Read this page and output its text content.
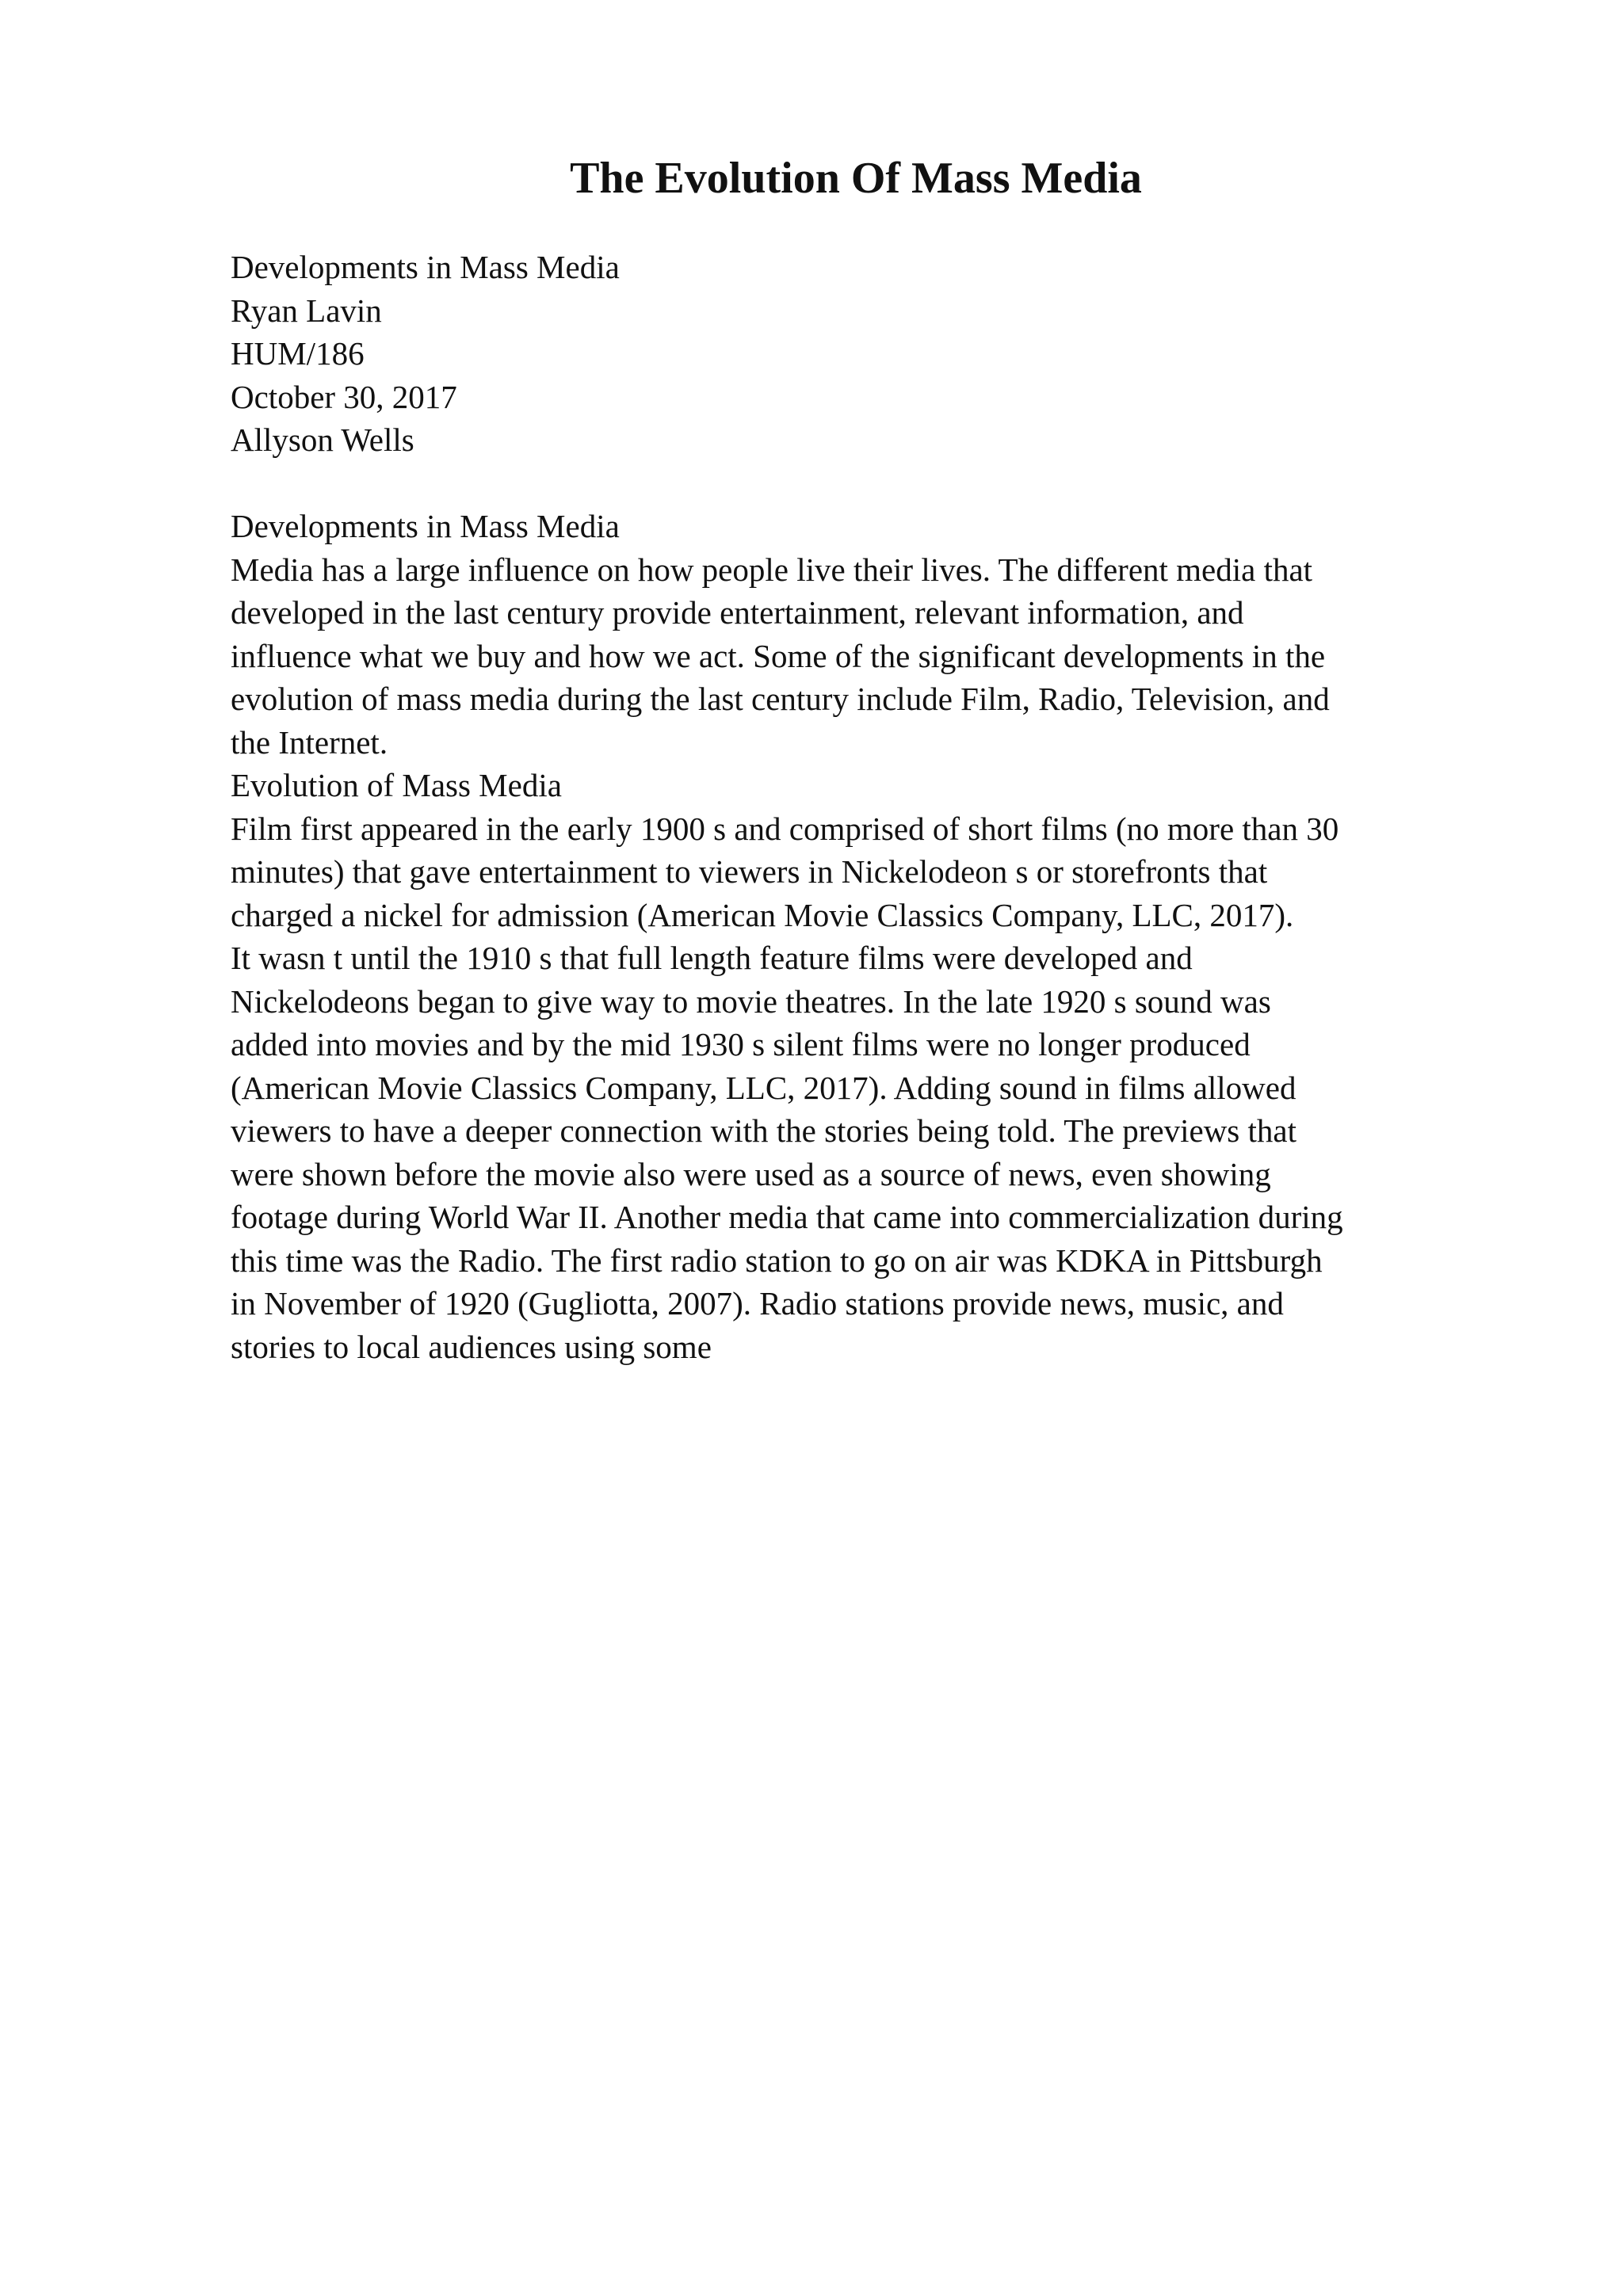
The Evolution Of Mass Media
Developments in Mass Media
Ryan Lavin
HUM/186
October 30, 2017
Allyson Wells
Developments in Mass Media
Media has a large influence on how people live their lives. The different media that
developed in the last century provide entertainment, relevant information, and
influence what we buy and how we act. Some of the significant developments in the
evolution of mass media during the last century include Film, Radio, Television, and
the Internet.
Evolution of Mass Media
Film first appeared in the early 1900 s and comprised of short films (no more than 30
minutes) that gave entertainment to viewers in Nickelodeon s or storefronts that
charged a nickel for admission (American Movie Classics Company, LLC, 2017).
It wasn t until the 1910 s that full length feature films were developed and
Nickelodeons began to give way to movie theatres. In the late 1920 s sound was
added into movies and by the mid 1930 s silent films were no longer produced
(American Movie Classics Company, LLC, 2017). Adding sound in films allowed
viewers to have a deeper connection with the stories being told. The previews that
were shown before the movie also were used as a source of news, even showing
footage during World War II. Another media that came into commercialization during
this time was the Radio. The first radio station to go on air was KDKA in Pittsburgh
in November of 1920 (Gugliotta, 2007). Radio stations provide news, music, and
stories to local audiences using some
